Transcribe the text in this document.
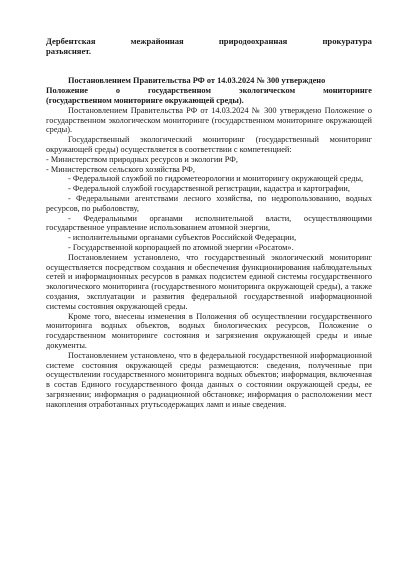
Дербентская	межрайонная	природоохранная	прокуратура
разъясняет.
Постановлением Правительства РФ от 14.03.2024 № 300 утверждено
Положение	о	государственном	экологическом	мониторинге
(государственном мониторинге окружающей среды).

Постановлением Правительства РФ от 14.03.2024 № 300 утверждено Положение о государственном экологическом мониторинге (государственном мониторинге окружающей среды).

Государственный экологический мониторинг (государственный мониторинг окружающей среды) осуществляется в соответствии с компетенцией:

- Министерством природных ресурсов и экологии РФ,

- Министерством сельского хозяйства РФ,

- Федеральной службой по гидрометеорологии и мониторингу окружающей среды,

- Федеральной службой государственной регистрации, кадастра и картографии,

- Федеральными агентствами лесного хозяйства, по недропользованию, водных ресурсов, по рыболовству,

- Федеральными органами исполнительной власти, осуществляющими государственное управление использованием атомной энергии,

- исполнительными органами субъектов Российской Федерации,

- Государственной корпорацией по атомной энергии «Росатом».

Постановлением установлено, что государственный экологический мониторинг осуществляется посредством создания и обеспечения функционирования наблюдательных сетей и информационных ресурсов в рамках подсистем единой системы государственного экологического мониторинга (государственного мониторинга окружающей среды), а также создания, эксплуатации и развития федеральной государственной информационной системы состояния окружающей среды.

Кроме того, внесены изменения в Положения об осуществлении государственного мониторинга водных объектов, водных биологических ресурсов, Положение о государственном мониторинге состояния и загрязнения окружающей среды и иные документы.

Постановлением установлено, что в федеральной государственной информационной системе состояния окружающей среды размещаются: сведения, полученные при осуществлении государственного мониторинга водных объектов; информация, включенная в состав Единого государственного фонда данных о состоянии окружающей среды, ее загрязнении; информация о радиационной обстановке; информация о расположении мест накопления отработанных ртутьсодержащих ламп и иные сведения.
